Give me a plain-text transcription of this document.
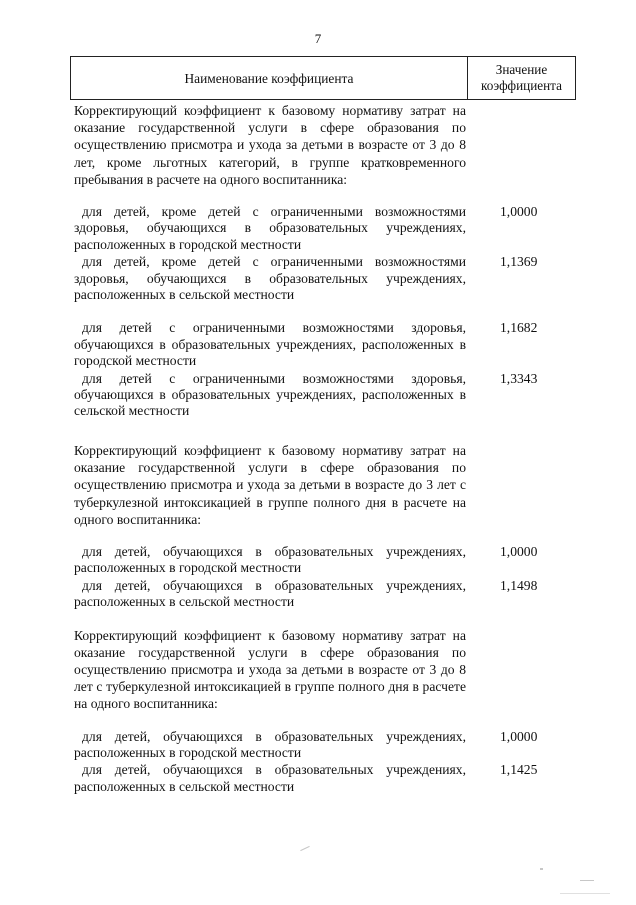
7
Наименование коэффициента
Значение
коэффициента

Корректирующий коэффициент к базовому нормативу затрат на оказание государственной услуги в сфере образования по осуществлению присмотра и ухода за детьми в возрасте от 3 до 8 лет, кроме льготных категорий, в группе кратковременного пребывания в расчете на одного воспитанника:

для детей, кроме детей с ограниченными возможностями здоровья, обучающихся в образовательных учреждениях, расположенных в городской местности
1,0000
для детей, кроме детей с ограниченными возможностями здоровья, обучающихся в образовательных учреждениях, расположенных в сельской местности
1,1369
для детей с ограниченными возможностями здоровья, обучающихся в образовательных учреждениях, расположенных в городской местности
1,1682
для детей с ограниченными возможностями здоровья, обучающихся в образовательных учреждениях, расположенных в сельской местности
1,3343

Корректирующий коэффициент к базовому нормативу затрат на оказание государственной услуги в сфере образования по осуществлению присмотра и ухода за детьми в возрасте до 3 лет с туберкулезной интоксикацией в группе полного дня в расчете на одного воспитанника:

для детей, обучающихся в образовательных учреждениях, расположенных в городской местности
1,0000
для детей, обучающихся в образовательных учреждениях, расположенных в сельской местности
1,1498

Корректирующий коэффициент к базовому нормативу затрат на оказание государственной услуги в сфере образования по осуществлению присмотра и ухода за детьми в возрасте от 3 до 8 лет с туберкулезной интоксикацией в группе полного дня в расчете на одного воспитанника:

для детей, обучающихся в образовательных учреждениях, расположенных в городской местности
1,0000
для детей, обучающихся в образовательных учреждениях, расположенных в сельской местности
1,1425
